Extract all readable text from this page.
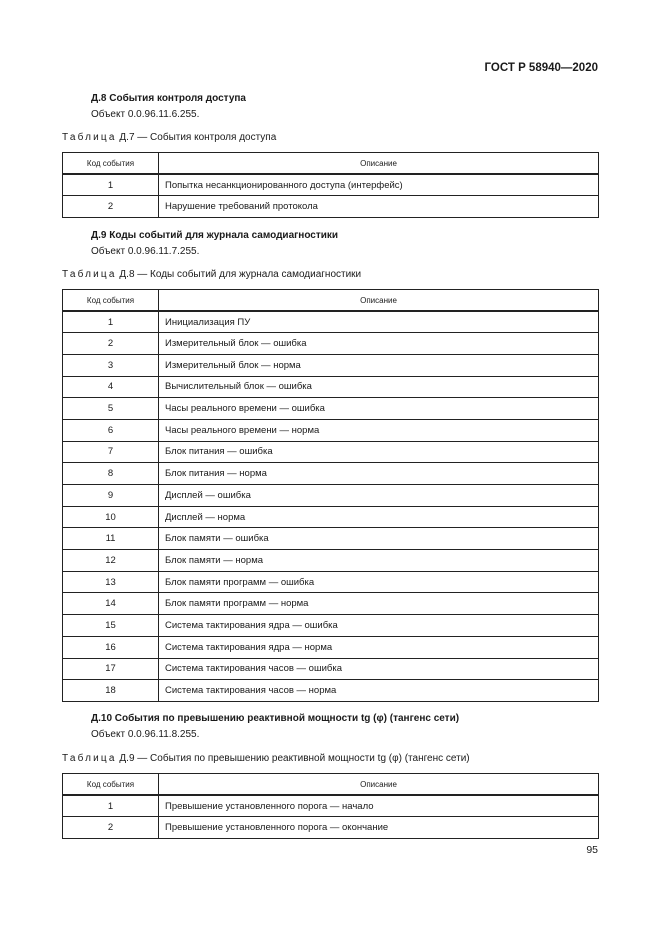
ГОСТ Р 58940—2020
Д.8 События контроля доступа
Объект 0.0.96.11.6.255.
Таблица Д.7 — События контроля доступа
Код события	Описание
1	Попытка несанкционированного доступа (интерфейс)
2	Нарушение требований протокола
Д.9 Коды событий для журнала самодиагностики
Объект 0.0.96.11.7.255.
Таблица Д.8 — Коды событий для журнала самодиагностики
Код события	Описание
1	Инициализация ПУ
2	Измерительный блок — ошибка
3	Измерительный блок — норма
4	Вычислительный блок — ошибка
5	Часы реального времени — ошибка
6	Часы реального времени — норма
7	Блок питания — ошибка
8	Блок питания — норма
9	Дисплей — ошибка
10	Дисплей — норма
11	Блок памяти — ошибка
12	Блок памяти — норма
13	Блок памяти программ — ошибка
14	Блок памяти программ — норма
15	Система тактирования ядра — ошибка
16	Система тактирования ядра — норма
17	Система тактирования часов — ошибка
18	Система тактирования часов — норма
Д.10 События по превышению реактивной мощности tg (φ) (тангенс сети)
Объект 0.0.96.11.8.255.
Таблица Д.9 — События по превышению реактивной мощности tg (φ) (тангенс сети)
Код события	Описание
1	Превышение установленного порога — начало
2	Превышение установленного порога — окончание
95
